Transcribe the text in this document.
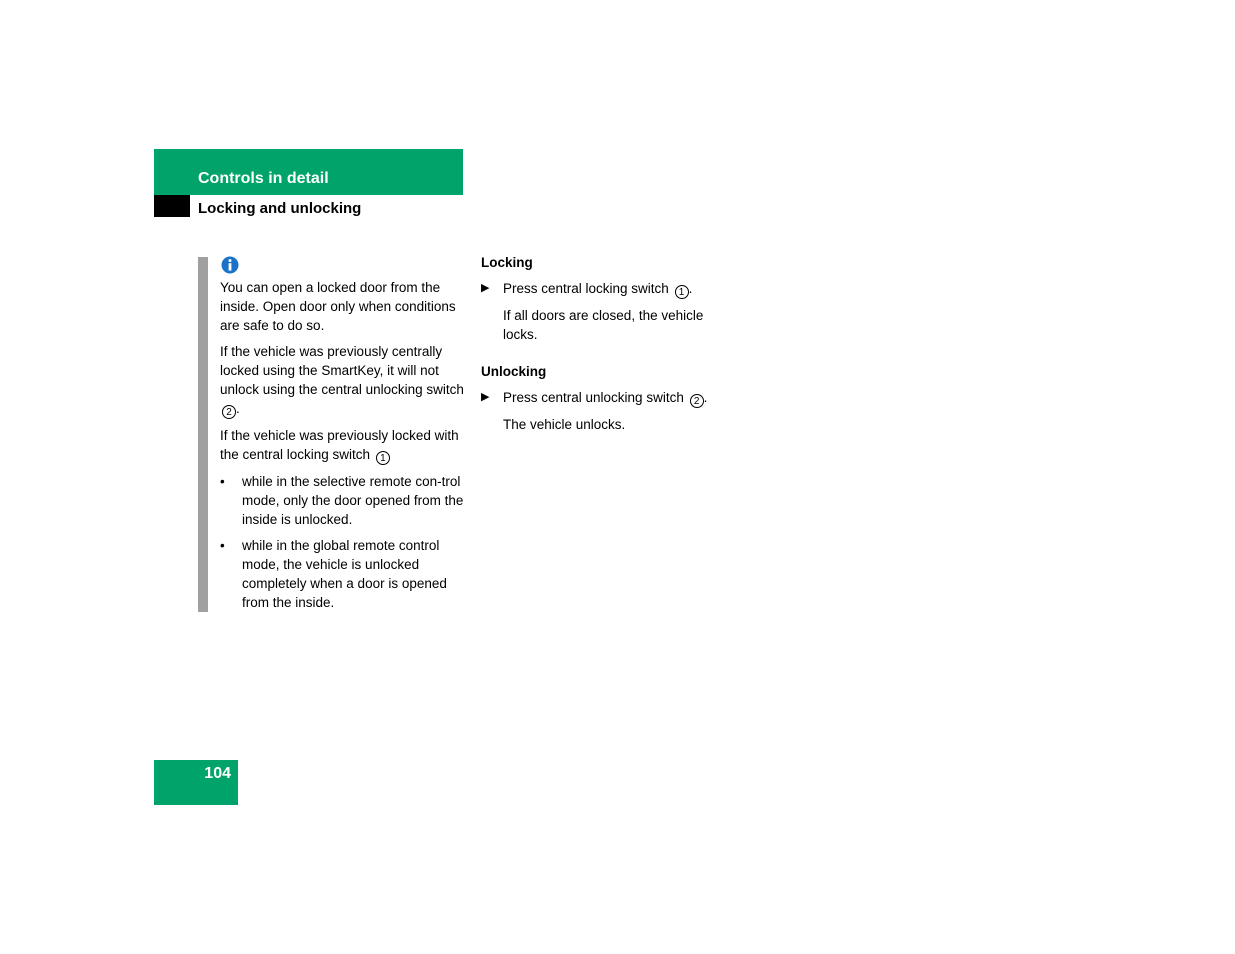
Controls in detail
Locking and unlocking

You can open a locked door from the inside. Open door only when conditions are safe to do so.

If the vehicle was previously centrally locked using the SmartKey, it will not unlock using the central unlocking switch 2 .

If the vehicle was previously locked with the central locking switch 1

• while in the selective remote con-trol mode, only the door opened from the inside is unlocked.
• while in the global remote control mode, the vehicle is unlocked completely when a door is opened from the inside.
Locking
▶ Press central locking switch 1 .
If all doors are closed, the vehicle locks.
Unlocking
▶ Press central unlocking switch 2 .
The vehicle unlocks.
104
